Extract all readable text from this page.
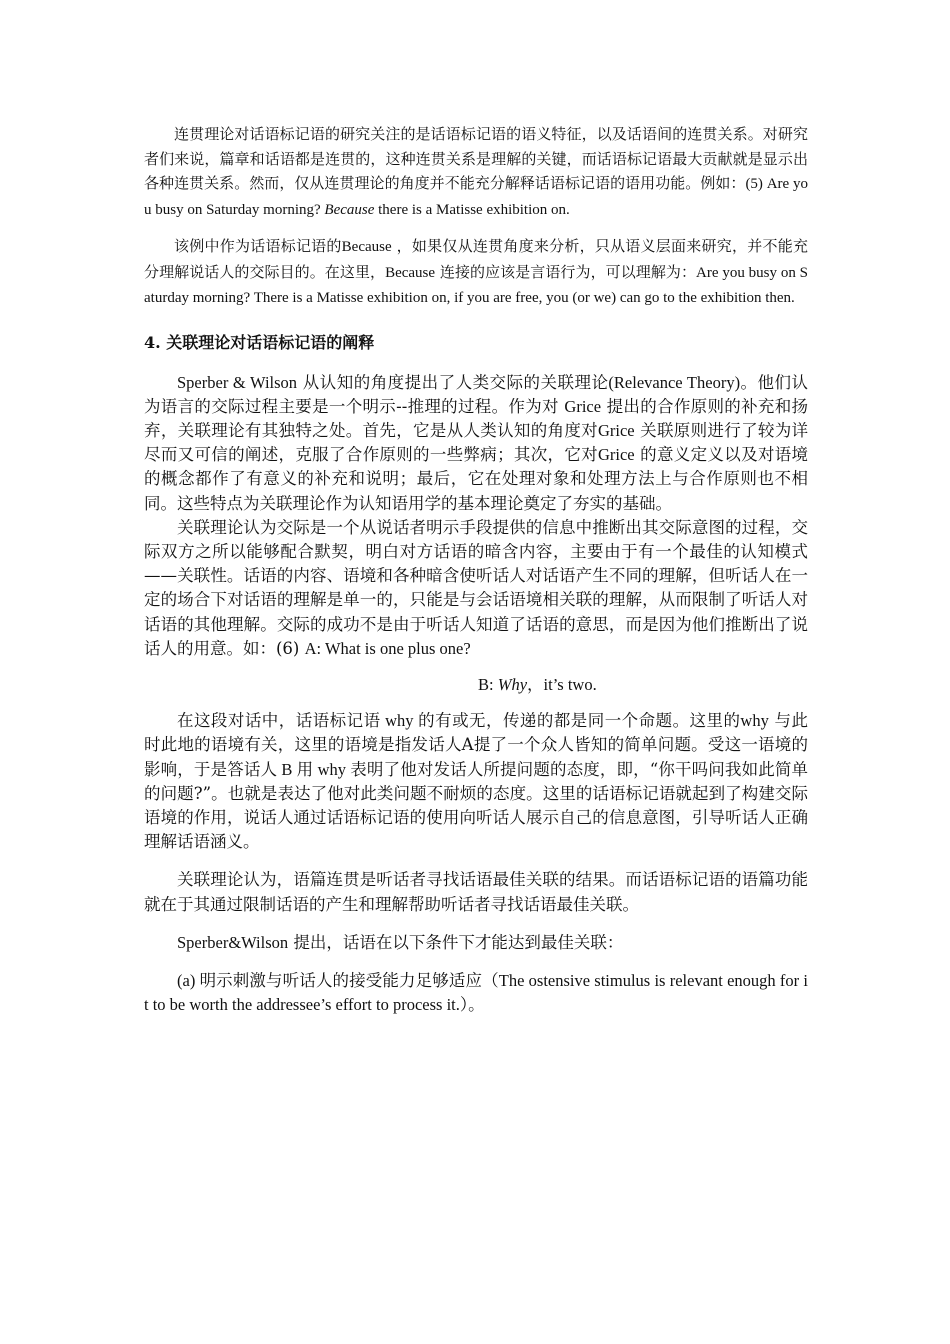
连贯理论对话语标记语的研究关注的是话语标记语的语义特征，以及话语间的连贯关系。对研究者们来说，篇章和话语都是连贯的，这种连贯关系是理解的关键，而话语标记语最大贡献就是显示出各种连贯关系。然而，仅从连贯理论的角度并不能充分解释话语标记语的语用功能。例如：(5) Are you busy on Saturday morning? Because there is a Matisse exhibition on.

该例中作为话语标记语的Because ，如果仅从连贯角度来分析，只从语义层面来研究，并不能充分理解说话人的交际目的。在这里，Because 连接的应该是言语行为，可以理解为：Are you busy on Saturday morning? There is a Matisse exhibition on, if you are free, you (or we) can go to the exhibition then.

4. 关联理论对话语标记语的阐释

Sperber & Wilson 从认知的角度提出了人类交际的关联理论(Relevance Theory)。他们认为语言的交际过程主要是一个明示--推理的过程。作为对 Grice 提出的合作原则的补充和扬弃，关联理论有其独特之处。首先，它是从人类认知的角度对Grice 关联原则进行了较为详尽而又可信的阐述，克服了合作原则的一些弊病；其次，它对Grice 的意义定义以及对语境的概念都作了有意义的补充和说明；最后，它在处理对象和处理方法上与合作原则也不相同。这些特点为关联理论作为认知语用学的基本理论奠定了夯实的基础。

关联理论认为交际是一个从说话者明示手段提供的信息中推断出其交际意图的过程，交际双方之所以能够配合默契，明白对方话语的暗含内容，主要由于有一个最佳的认知模式——关联性。话语的内容、语境和各种暗含使听话人对话语产生不同的理解，但听话人在一定的场合下对话语的理解是单一的，只能是与会话语境相关联的理解，从而限制了听话人对话语的其他理解。交际的成功不是由于听话人知道了话语的意思，而是因为他们推断出了说话人的用意。如：(6) A: What is one plus one?

B: Why，it’s two.

在这段对话中，话语标记语 why 的有或无，传递的都是同一个命题。这里的why 与此时此地的语境有关，这里的语境是指发话人A提了一个众人皆知的简单问题。受这一语境的影响，于是答话人 B 用 why 表明了他对发话人所提问题的态度，即，“你干吗问我如此简单的问题?”。也就是表达了他对此类问题不耐烦的态度。这里的话语标记语就起到了构建交际语境的作用，说话人通过话语标记语的使用向听话人展示自己的信息意图，引导听话人正确理解话语涵义。

关联理论认为，语篇连贯是听话者寻找话语最佳关联的结果。而话语标记语的语篇功能就在于其通过限制话语的产生和理解帮助听话者寻找话语最佳关联。

Sperber&Wilson 提出，话语在以下条件下才能达到最佳关联：

(a) 明示刺激与听话人的接受能力足够适应（The ostensive stimulus is relevant enough for it to be worth the addressee’s effort to process it.）。
